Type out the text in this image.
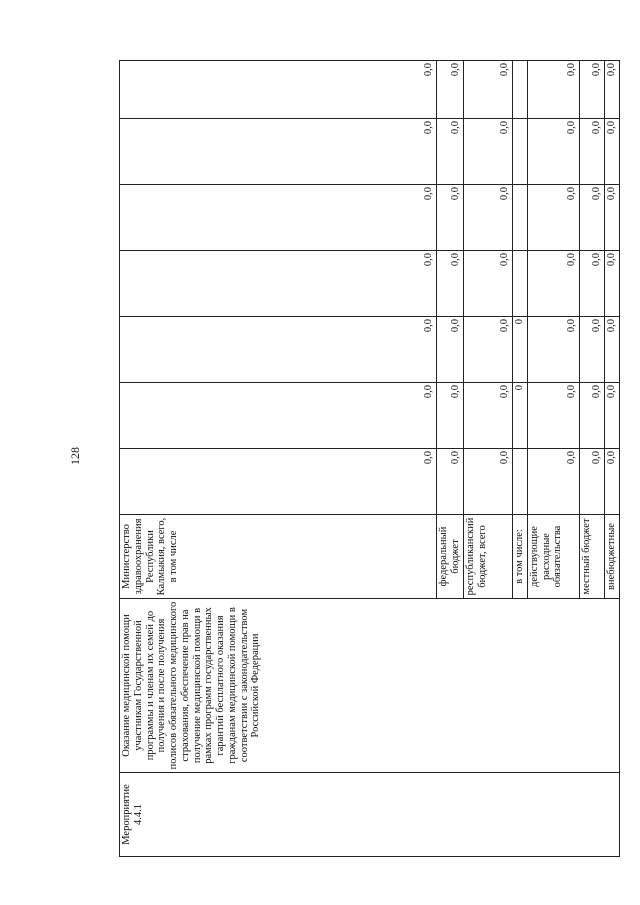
128
Мероприятие 4.4.1	Оказание медицинской помощи участникам Государственной программы и членам их семей до получения и после получения полисов обязательного медицинского страхования, обеспечение прав на получение медицинской помощи в рамках программ государственных гарантий бесплатного оказания гражданам медицинской помощи в соответствии с законодательством Российской Федерации	Министерство здравоохранения Республики Калмыкия, всего, в том числе	0,0	0,0	0,0	0,0	0,0	0,0	0,0
		федеральный бюджет	0,0	0,0	0,0	0,0	0,0	0,0	0,0
		республиканский бюджет, всего	0,0	0,0	0,0	0,0	0,0	0,0	0,0
		в том числе:		0	0				
		действующие расходные обязательства	0,0	0,0	0,0	0,0	0,0	0,0	0,0
		местный бюджет	0,0	0,0	0,0	0,0	0,0	0,0	0,0
		внебюджетные	0,0	0,0	0,0	0,0	0,0	0,0	0,0
